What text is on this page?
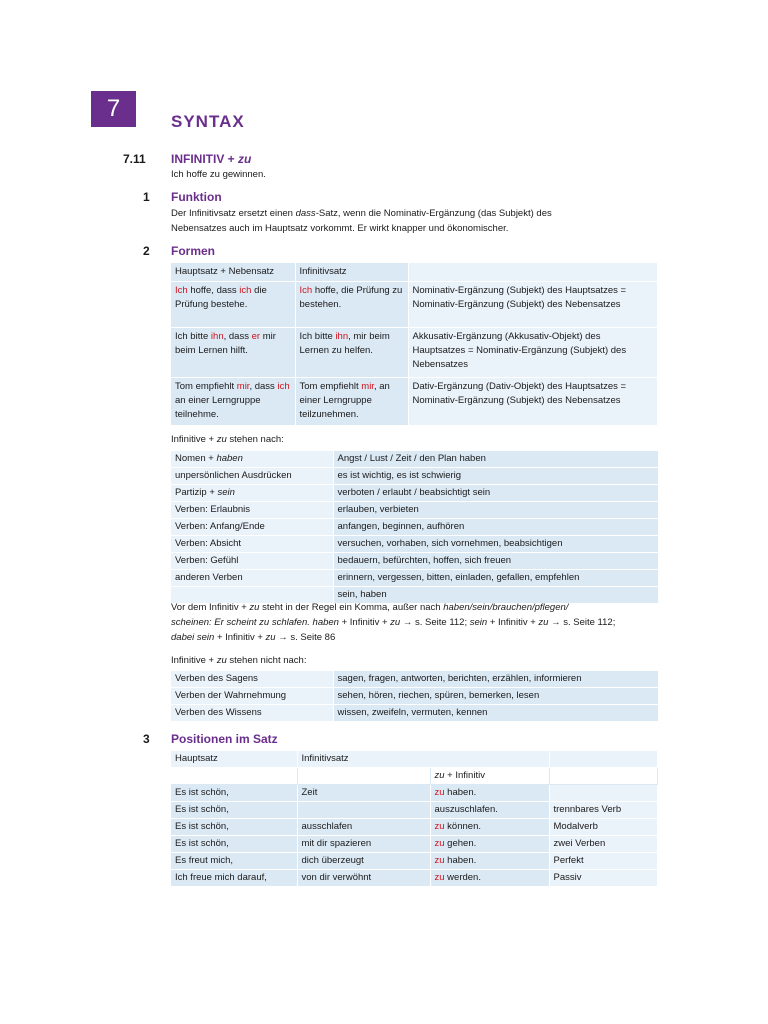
7	SYNTAX
7.11 INFINITIV + zu
Ich hoffe zu gewinnen.
1 Funktion
Der Infinitivsatz ersetzt einen dass-Satz, wenn die Nominativ-Ergänzung (das Subjekt) des
Nebensatzes auch im Hauptsatz vorkommt. Er wirkt knapper und ökonomischer.
2 Formen
Hauptsatz + Nebensatz	Infinitivsatz	
Ich hoffe, dass ich die Prüfung bestehe.	Ich hoffe, die Prüfung zu bestehen.	Nominativ-Ergänzung (Subjekt) des Hauptsatzes = Nominativ-Ergänzung (Subjekt) des Nebensatzes
Ich bitte ihn, dass er mir beim Lernen hilft.	Ich bitte ihn, mir beim Lernen zu helfen.	Akkusativ-Ergänzung (Akkusativ-Objekt) des Hauptsatzes = Nominativ-Ergänzung (Subjekt) des Nebensatzes
Tom empfiehlt mir, dass ich an einer Lerngruppe teilnehme.	Tom empfiehlt mir, an einer Lerngruppe teilzunehmen.	Dativ-Ergänzung (Dativ-Objekt) des Hauptsatzes = Nominativ-Ergänzung (Subjekt) des Nebensatzes
Infinitive + zu stehen nach:
Nomen + haben	Angst / Lust / Zeit / den Plan haben
unpersönlichen Ausdrücken	es ist wichtig, es ist schwierig
Partizip + sein	verboten / erlaubt / beabsichtigt sein
Verben: Erlaubnis	erlauben, verbieten
Verben: Anfang/Ende	anfangen, beginnen, aufhören
Verben: Absicht	versuchen, vorhaben, sich vornehmen, beabsichtigen
Verben: Gefühl	bedauern, befürchten, hoffen, sich freuen
anderen Verben	erinnern, vergessen, bitten, einladen, gefallen, empfehlen
	sein, haben
Vor dem Infinitiv + zu steht in der Regel ein Komma, außer nach haben/sein/brauchen/pflegen/
scheinen: Er scheint zu schlafen. haben + Infinitiv + zu → s. Seite 112; sein + Infinitiv + zu → s. Seite 112;
dabei sein + Infinitiv + zu → s. Seite 86
Infinitive + zu stehen nicht nach:
Verben des Sagens	sagen, fragen, antworten, berichten, erzählen, informieren
Verben der Wahrnehmung	sehen, hören, riechen, spüren, bemerken, lesen
Verben des Wissens	wissen, zweifeln, vermuten, kennen
3 Positionen im Satz
Hauptsatz	Infinitivsatz		
		zu + Infinitiv	
Es ist schön,	Zeit	zu haben.	
Es ist schön,		auszuschlafen.	trennbares Verb
Es ist schön,	ausschlafen	zu können.	Modalverb
Es ist schön,	mit dir spazieren	zu gehen.	zwei Verben
Es freut mich,	dich überzeugt	zu haben.	Perfekt
Ich freue mich darauf,	von dir verwöhnt	zu werden.	Passiv
